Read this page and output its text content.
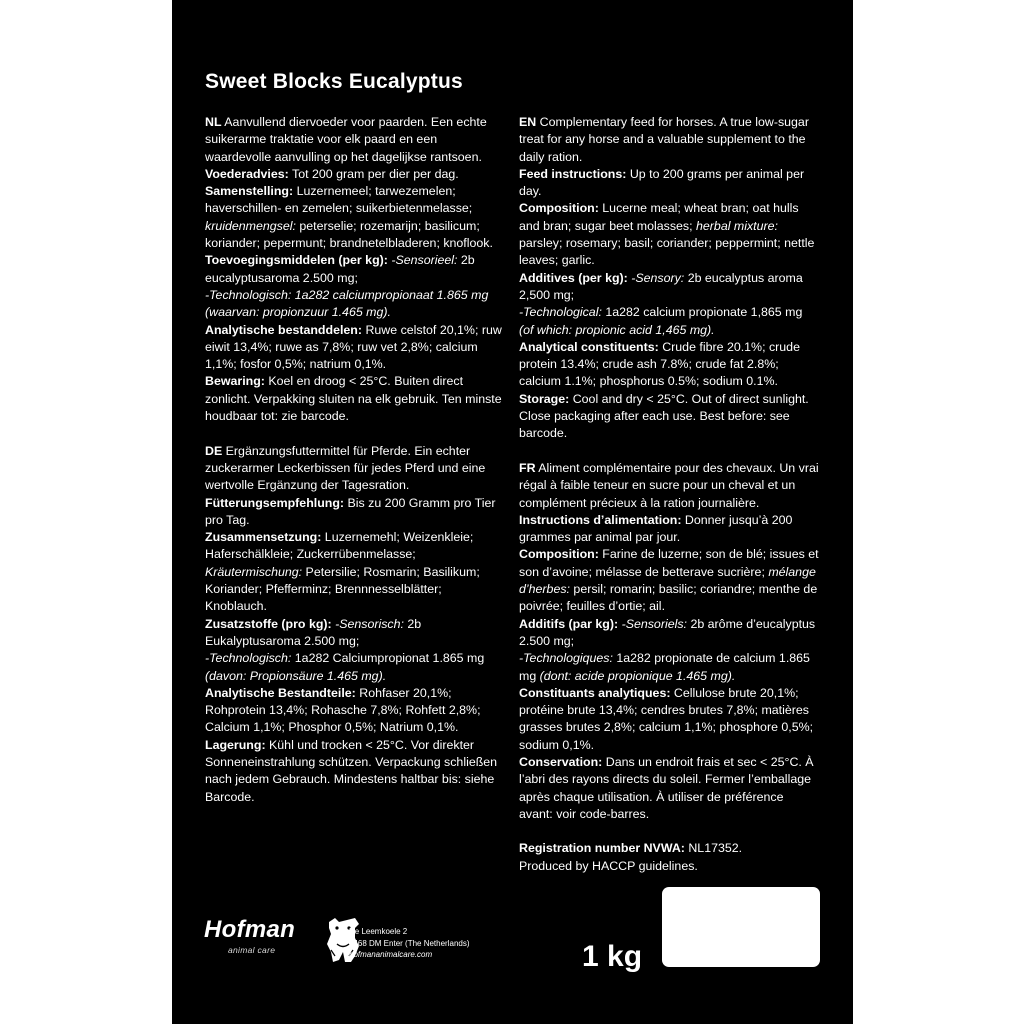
Sweet Blocks Eucalyptus

NL Aanvullend diervoeder voor paarden. Een echte suikerarme traktatie voor elk paard en een waardevolle aanvulling op het dagelijkse rantsoen.

Voederadvies: Tot 200 gram per dier per dag.

Samenstelling: Luzernemeel; tarwezemelen; haverschillen- en zemelen; suikerbietenmelasse; kruidenmengsel: peterselie; rozemarijn; basilicum; koriander; pepermunt; brandnetelbladeren; knoflook.

Toevoegingsmiddelen (per kg): -Sensorieel: 2b eucalyptusaroma 2.500 mg;

-Technologisch: 1a282 calciumpropionaat 1.865 mg (waarvan: propionzuur 1.465 mg).

Analytische bestanddelen: Ruwe celstof 20,1%; ruw eiwit 13,4%; ruwe as 7,8%; ruw vet 2,8%; calcium 1,1%; fosfor 0,5%; natrium 0,1%.

Bewaring: Koel en droog < 25°C. Buiten direct zonlicht. Verpakking sluiten na elk gebruik. Ten minste houdbaar tot: zie barcode.

DE Ergänzungsfuttermittel für Pferde. Ein echter zuckerarmer Leckerbissen für jedes Pferd und eine wertvolle Ergänzung der Tagesration.

Fütterungsempfehlung: Bis zu 200 Gramm pro Tier pro Tag.

Zusammensetzung: Luzernemehl; Weizenkleie; Haferschälkleie; Zuckerrübenmelasse; Kräutermischung: Petersilie; Rosmarin; Basilikum; Koriander; Pfefferminz; Brennnesselblätter; Knoblauch.

Zusatzstoffe (pro kg): -Sensorisch: 2b Eukalyptusaroma 2.500 mg;

-Technologisch: 1a282 Calciumpropionat 1.865 mg
(davon: Propionsäure 1.465 mg).

Analytische Bestandteile: Rohfaser 20,1%; Rohprotein 13,4%; Rohasche 7,8%; Rohfett 2,8%; Calcium 1,1%; Phosphor 0,5%; Natrium 0,1%.

Lagerung: Kühl und trocken < 25°C. Vor direkter Sonneneinstrahlung schützen. Verpackung schließen nach jedem Gebrauch. Mindestens haltbar bis: siehe Barcode.

EN Complementary feed for horses. A true low-sugar treat for any horse and a valuable supplement to the daily ration.

Feed instructions: Up to 200 grams per animal per day.

Composition: Lucerne meal; wheat bran; oat hulls and bran; sugar beet molasses; herbal mixture: parsley; rosemary; basil; coriander; peppermint; nettle leaves; garlic.

Additives (per kg): -Sensory: 2b eucalyptus aroma 2,500 mg;

-Technological: 1a282 calcium propionate 1,865 mg
(of which: propionic acid 1,465 mg).

Analytical constituents: Crude fibre 20.1%; crude protein 13.4%; crude ash 7.8%; crude fat 2.8%; calcium 1.1%; phosphorus 0.5%; sodium 0.1%.

Storage: Cool and dry < 25°C. Out of direct sunlight. Close packaging after each use. Best before: see barcode.

FR Aliment complémentaire pour des chevaux. Un vrai régal à faible teneur en sucre pour un cheval et un complément précieux à la ration journalière.

Instructions d’alimentation: Donner jusqu’à 200 grammes par animal par jour.

Composition: Farine de luzerne; son de blé; issues et son d’avoine; mélasse de betterave sucrière; mélange d’herbes: persil; romarin; basilic; coriandre; menthe de poivrée; feuilles d’ortie; ail.

Additifs (par kg): -Sensoriels: 2b arôme d’eucalyptus 2.500 mg;

-Technologiques: 1a282 propionate de calcium 1.865 mg (dont: acide propionique 1.465 mg).

Constituants analytiques: Cellulose brute 20,1%; protéine brute 13,4%; cendres brutes 7,8%; matières grasses brutes 2,8%; calcium 1,1%; phosphore 0,5%; sodium 0,1%.

Conservation: Dans un endroit frais et sec < 25°C. À l’abri des rayons directs du soleil. Fermer l’emballage après chaque utilisation. À utiliser de préférence avant: voir code-barres.

Registration number NVWA: NL17352.

Produced by HACCP guidelines.

Hofman
animal care
De Leemkoele 2
7468 DM Enter (The Netherlands)
hofmananimalcare.com	1 kg
